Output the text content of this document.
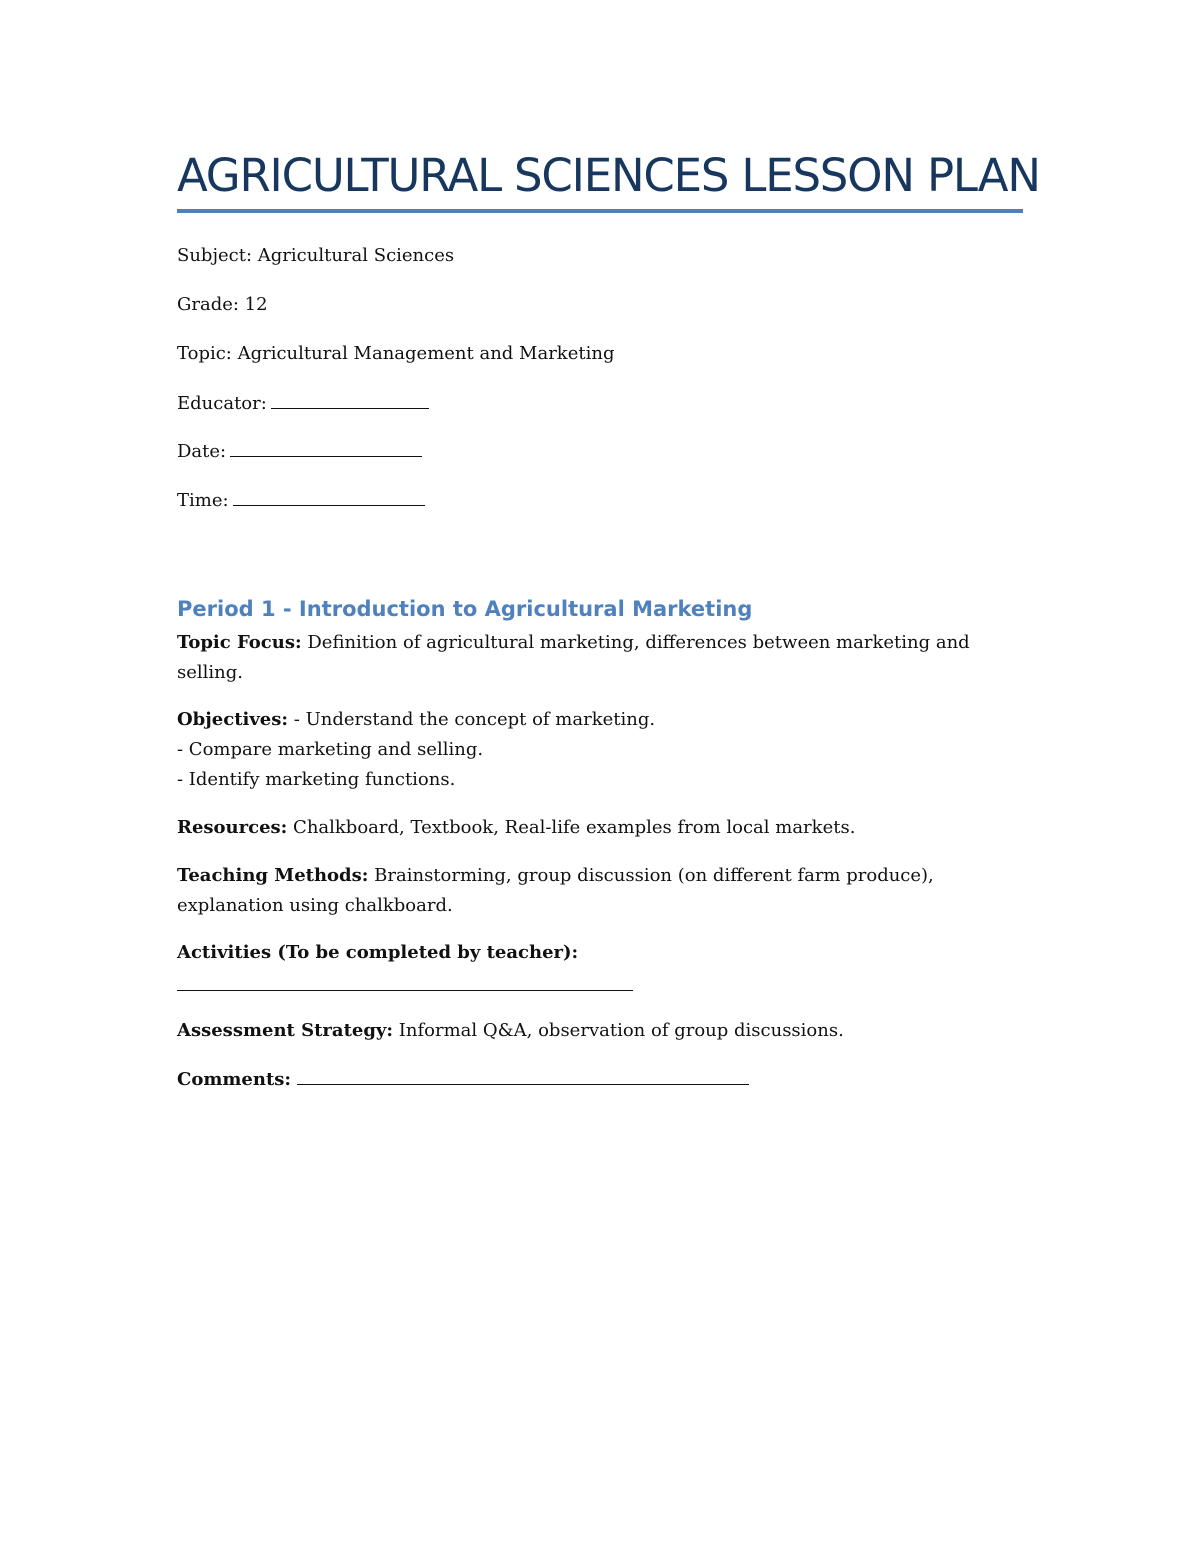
AGRICULTURAL SCIENCES LESSON PLAN
Subject: Agricultural Sciences
Grade: 12
Topic: Agricultural Management and Marketing
Educator:
Date:
Time:
Period 1 - Introduction to Agricultural Marketing
Topic Focus: Definition of agricultural marketing, differences between marketing and
selling.
Objectives: - Understand the concept of marketing.
- Compare marketing and selling.
- Identify marketing functions.
Resources: Chalkboard, Textbook, Real-life examples from local markets.
Teaching Methods: Brainstorming, group discussion (on different farm produce),
explanation using chalkboard.
Activities (To be completed by teacher):
Assessment Strategy: Informal Q&A, observation of group discussions.
Comments:
